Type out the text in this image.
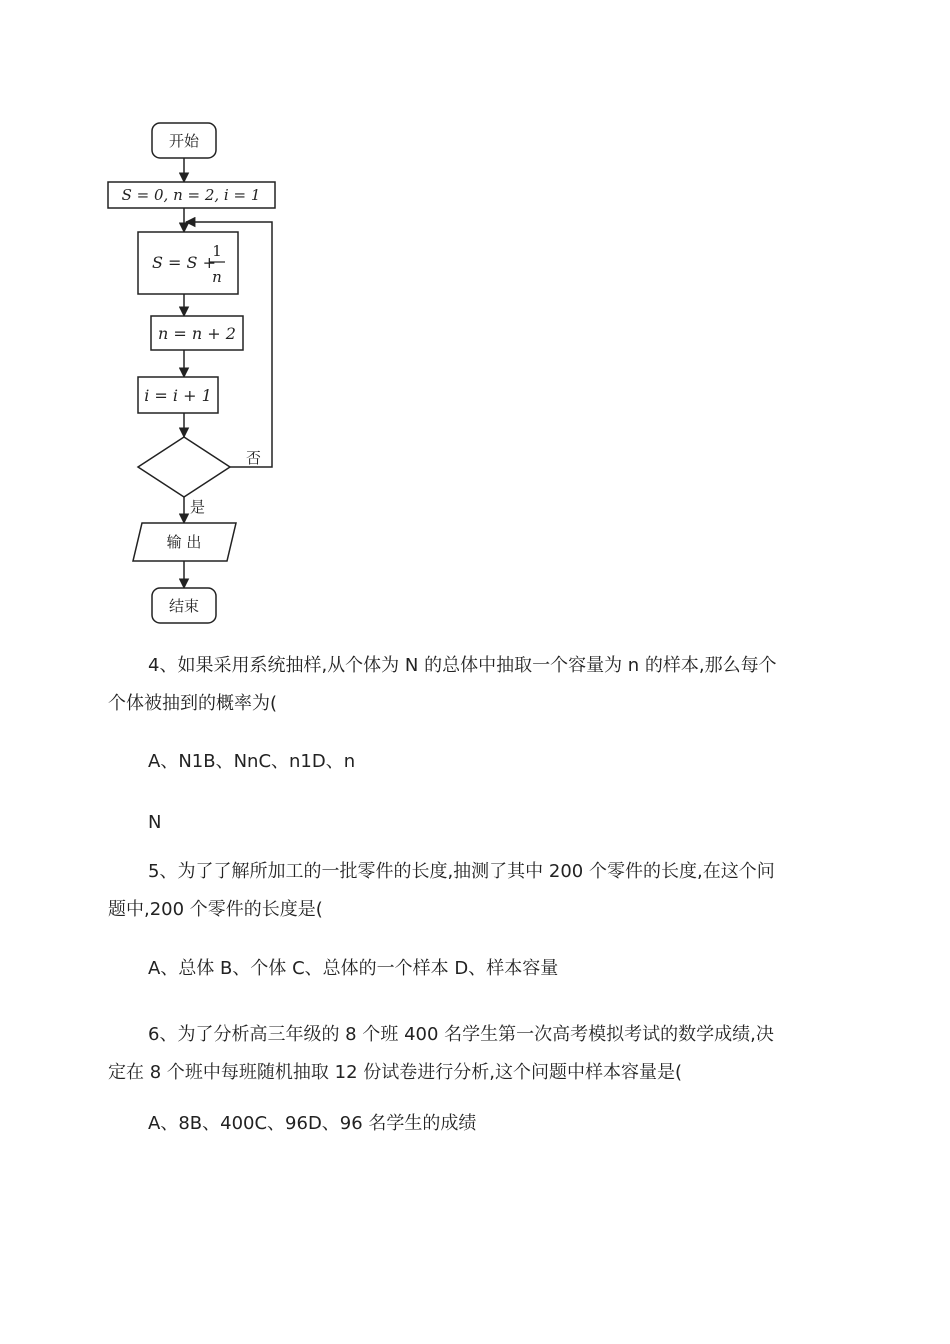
开始
S = 0, n = 2, i = 1
S = S +
1
n
n = n + 2
i = i + 1
否
是
输 出
结束

4、如果采用系统抽样,从个体为 N 的总体中抽取一个容量为 n 的样本,那么每个
个体被抽到的概率为(

A、N1B、NnC、n1D、n

N

5、为了了解所加工的一批零件的长度,抽测了其中 200 个零件的长度,在这个问
题中,200 个零件的长度是(

A、总体 B、个体 C、总体的一个样本 D、样本容量

6、为了分析高三年级的 8 个班 400 名学生第一次高考模拟考试的数学成绩,决
定在 8 个班中每班随机抽取 12 份试卷进行分析,这个问题中样本容量是(

A、8B、400C、96D、96 名学生的成绩
